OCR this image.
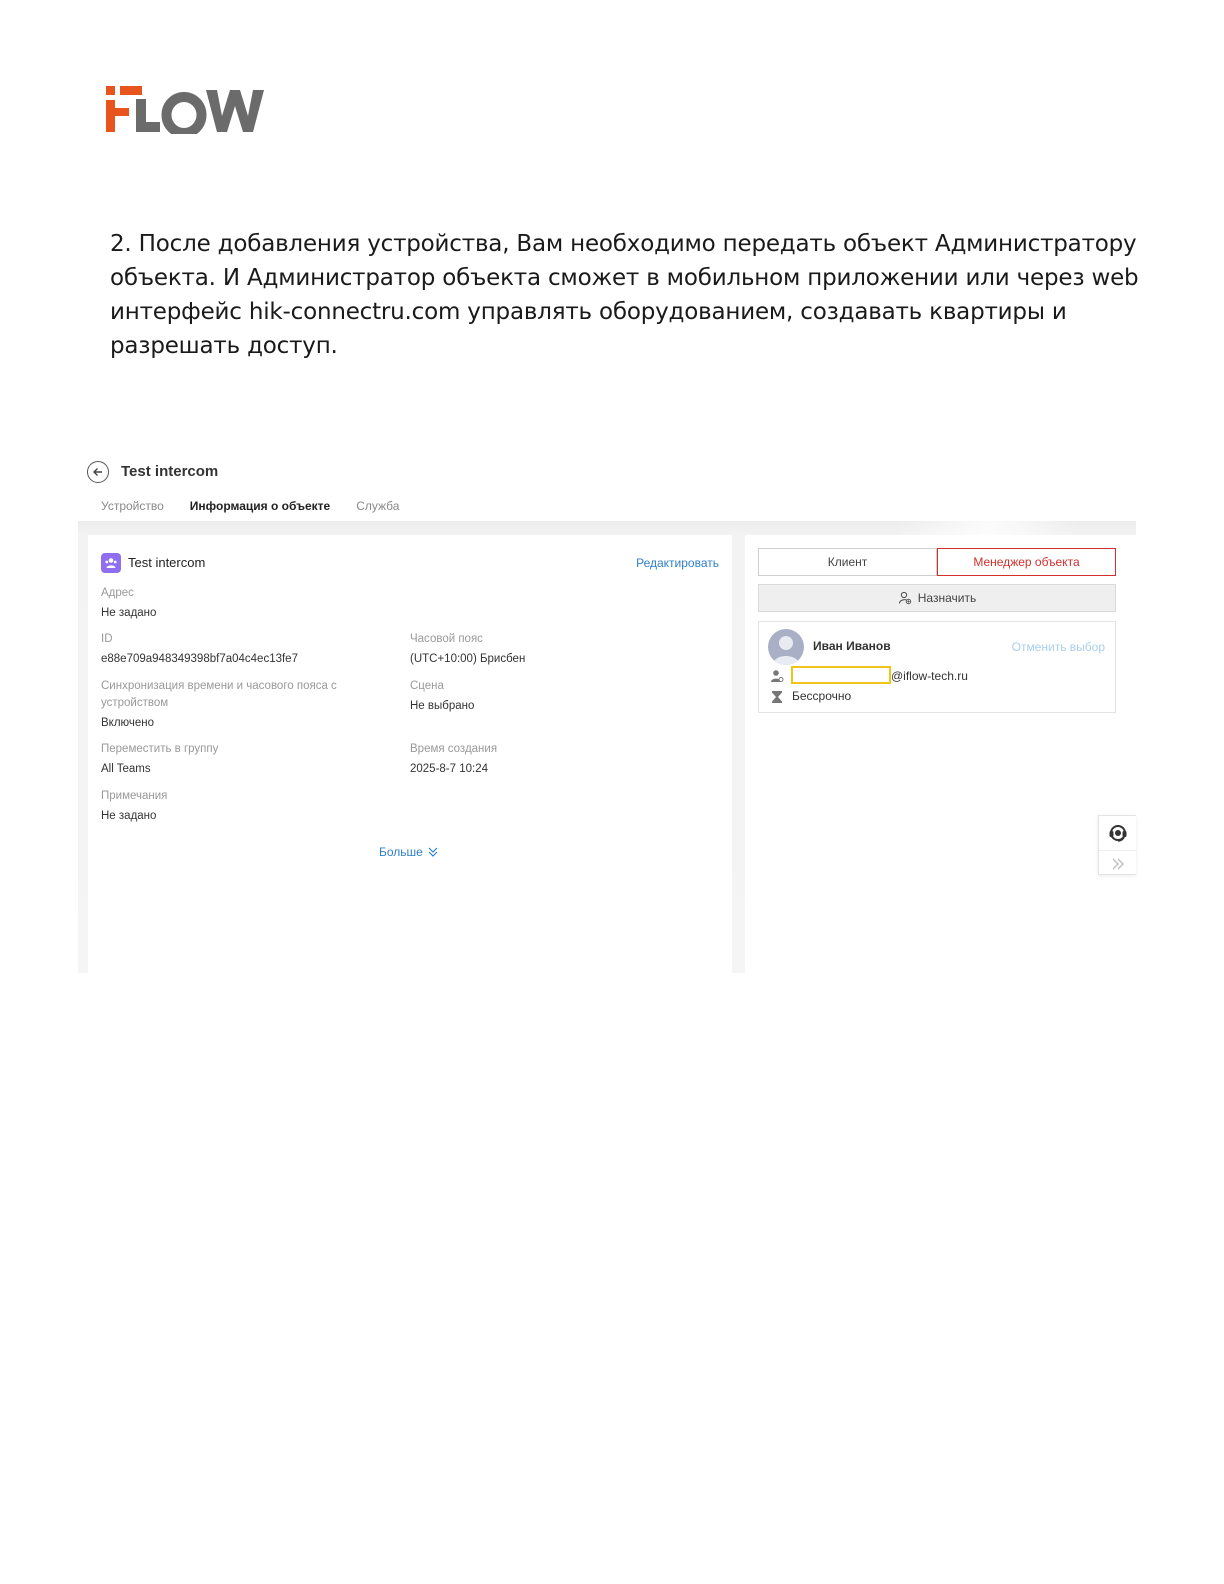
2. После добавления устройства, Вам необходимо передать объект Администратору объекта. И Администратор объекта сможет в мобильном приложении или через web интерфейс hik-connectru.com управлять оборудованием, создавать квартиры и разрешать доступ.
Test intercom
Устройство	Информация о объекте	Служба
Test intercom	Редактировать
Адрес
Не задано
ID
e88e709a948349398bf7a04c4ec13fe7
Часовой пояс
(UTC+10:00) Брисбен
Синхронизация времени и часового пояса с
устройством
Включено
Сцена
Не выбрано
Переместить в группу
All Teams
Время создания
2025-8-7 10:24
Примечания
Не задано
Больше
Клиент	Менеджер объекта
Назначить
Иван Иванов	Отменить выбор
@iflow-tech.ru
Бессрочно
